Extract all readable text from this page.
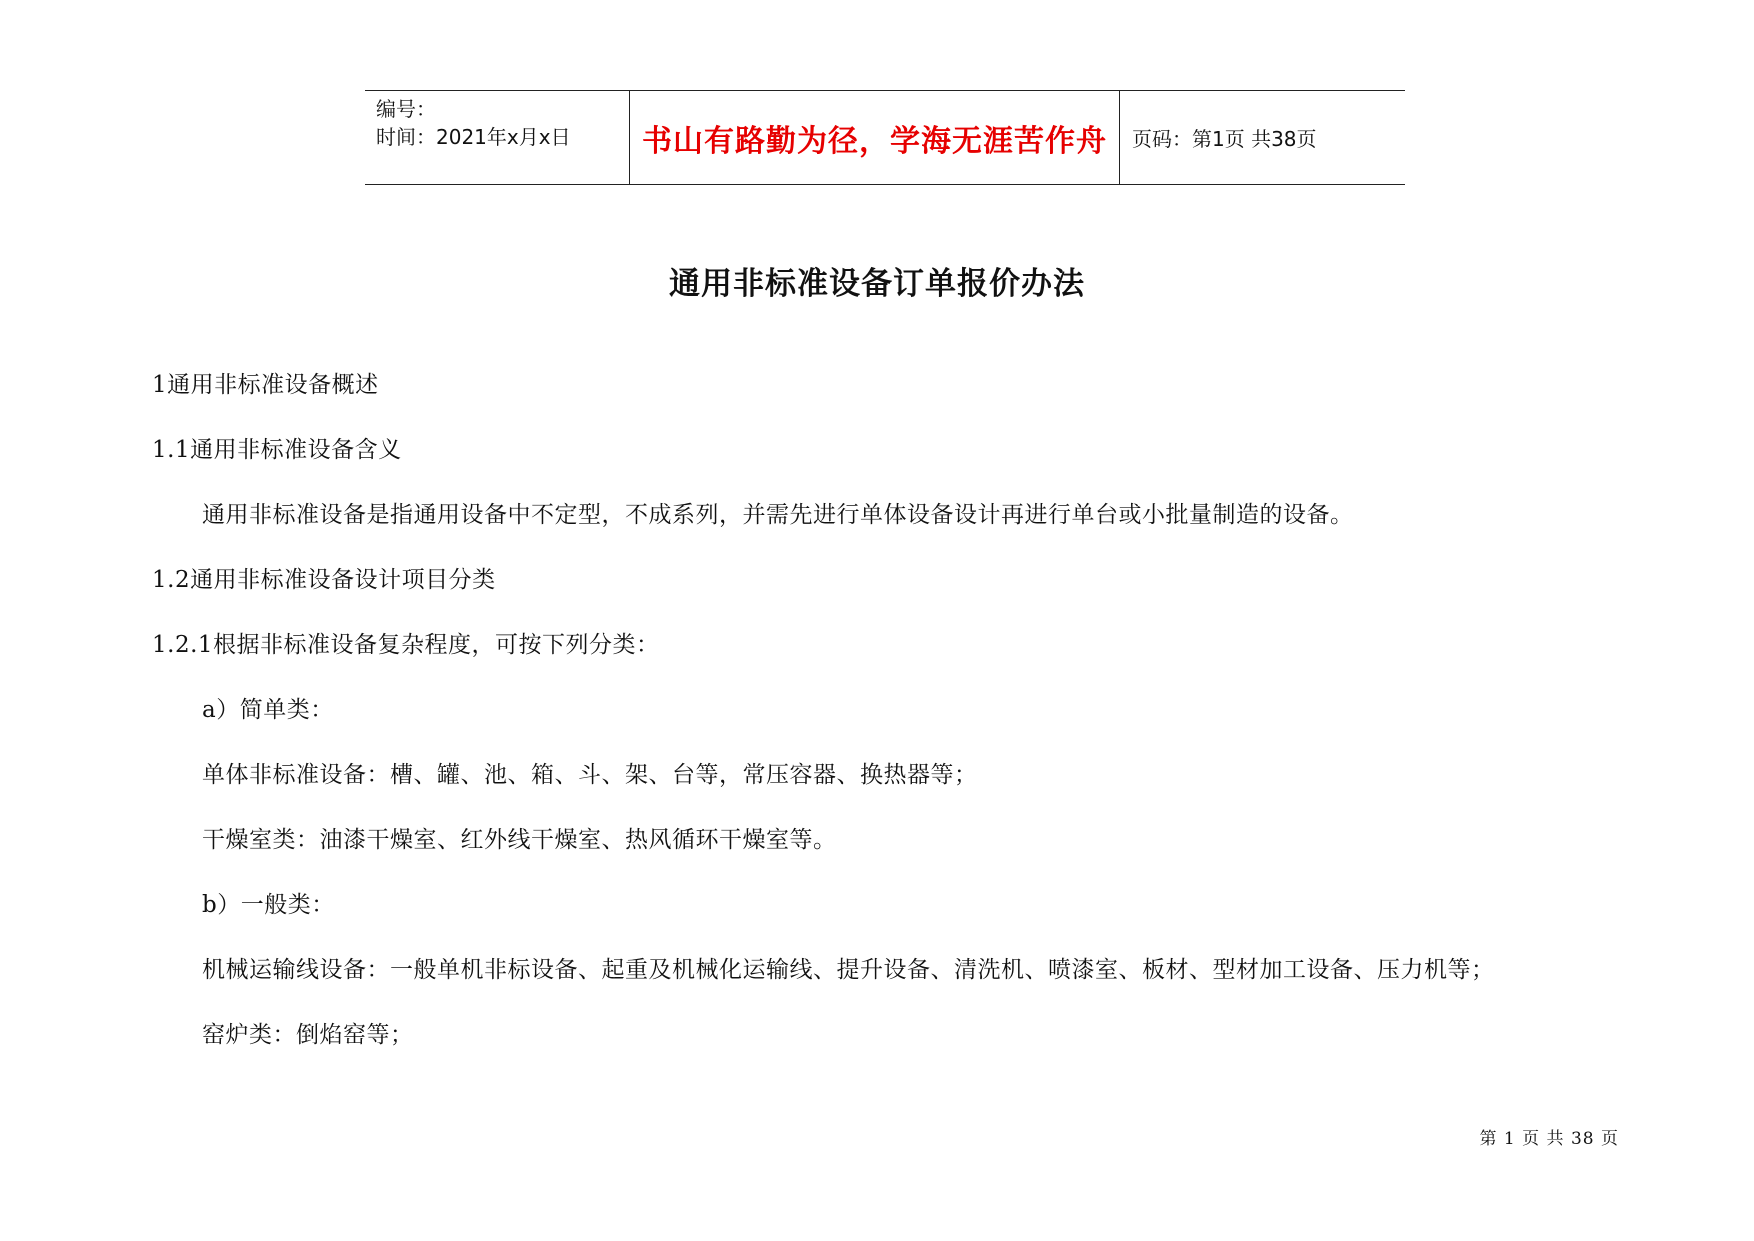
编号：
时间：2021年x月x日	书山有路勤为径，学海无涯苦作舟 页码：第1页 共38页
通用非标准设备订单报价办法
1通用非标准设备概述
1.1通用非标准设备含义
通用非标准设备是指通用设备中不定型，不成系列，并需先进行单体设备设计再进行单台或小批量制造的设备。
1.2通用非标准设备设计项目分类
1.2.1根据非标准设备复杂程度，可按下列分类：
a）简单类：
单体非标准设备：槽、罐、池、箱、斗、架、台等，常压容器、换热器等；
干燥室类：油漆干燥室、红外线干燥室、热风循环干燥室等。
b）一般类：
机械运输线设备：一般单机非标设备、起重及机械化运输线、提升设备、清洗机、喷漆室、板材、型材加工设备、压力机等；
窑炉类：倒焰窑等；
第 1 页 共 38 页
